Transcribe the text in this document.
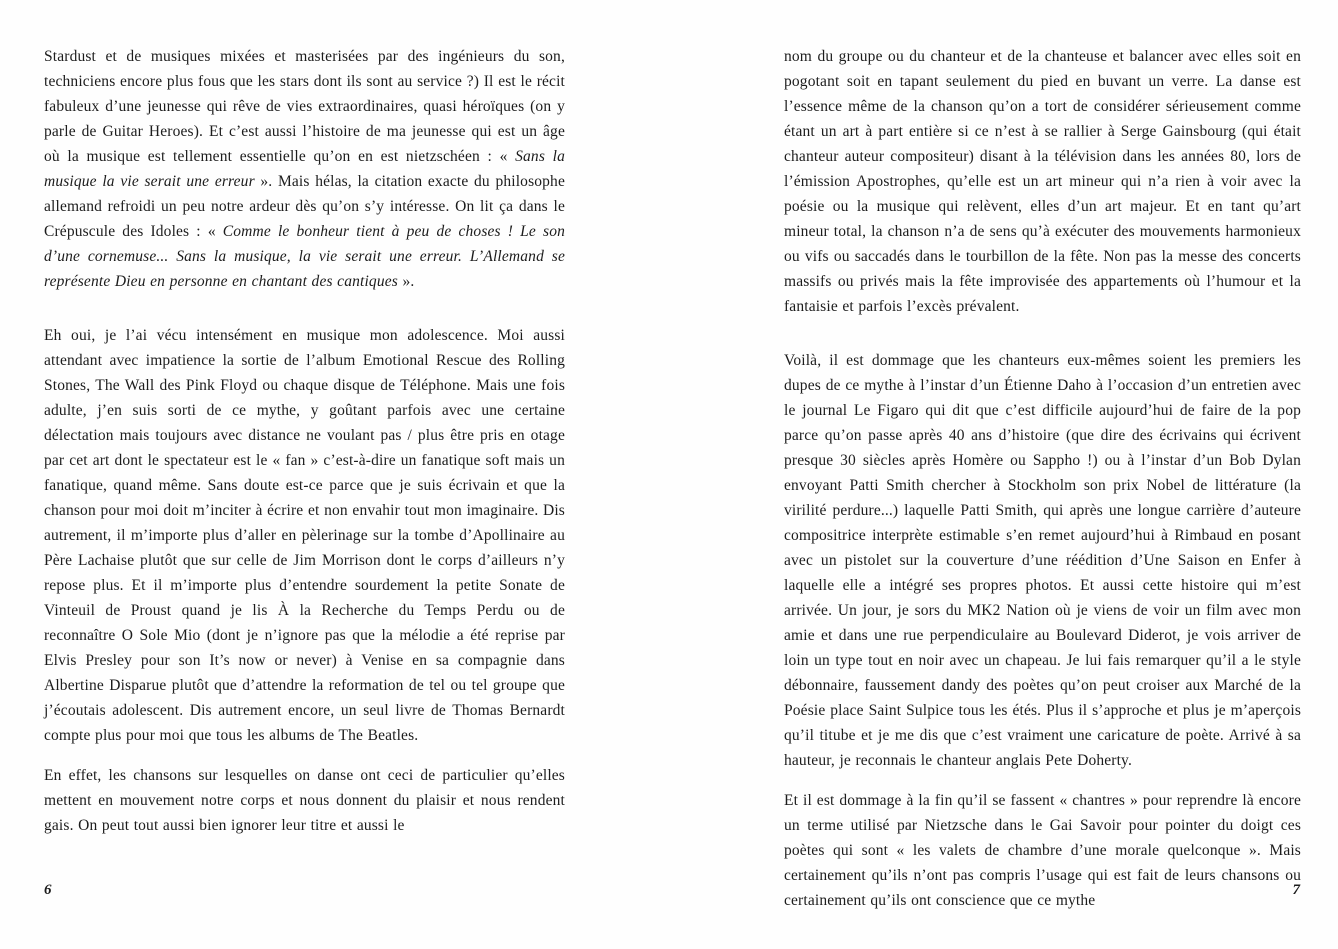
Stardust et de musiques mixées et masterisées par des ingénieurs du son, techniciens encore plus fous que les stars dont ils sont au service ?) Il est le récit fabuleux d’une jeunesse qui rêve de vies extraordinaires, quasi héroïques (on y parle de Guitar Heroes). Et c’est aussi l’histoire de ma jeunesse qui est un âge où la musique est tellement essentielle qu’on en est nietzschéen : « Sans la musique la vie serait une erreur ». Mais hélas, la citation exacte du philosophe allemand refroidi un peu notre ardeur dès qu’on s’y intéresse. On lit ça dans le Crépuscule des Idoles : « Comme le bonheur tient à peu de choses ! Le son d’une cornemuse... Sans la musique, la vie serait une erreur. L’Allemand se représente Dieu en personne en chantant des cantiques ».

Eh oui, je l’ai vécu intensément en musique mon adolescence. Moi aussi attendant avec impatience la sortie de l’album Emotional Rescue des Rolling Stones, The Wall des Pink Floyd ou chaque disque de Téléphone. Mais une fois adulte, j’en suis sorti de ce mythe, y goûtant parfois avec une certaine délectation mais toujours avec distance ne voulant pas / plus être pris en otage par cet art dont le spectateur est le « fan » c’est-à-dire un fanatique soft mais un fanatique, quand même. Sans doute est-ce parce que je suis écrivain et que la chanson pour moi doit m’inciter à écrire et non envahir tout mon imaginaire. Dis autrement, il m’importe plus d’aller en pèlerinage sur la tombe d’Apollinaire au Père Lachaise plutôt que sur celle de Jim Morrison dont le corps d’ailleurs n’y repose plus. Et il m’importe plus d’entendre sourdement la petite Sonate de Vinteuil de Proust quand je lis À la Recherche du Temps Perdu ou de reconnaître O Sole Mio (dont je n’ignore pas que la mélodie a été reprise par Elvis Presley pour son It’s now or never) à Venise en sa compagnie dans Albertine Disparue plutôt que d’attendre la reformation de tel ou tel groupe que j’écoutais adolescent. Dis autrement encore, un seul livre de Thomas Bernardt compte plus pour moi que tous les albums de The Beatles.

En effet, les chansons sur lesquelles on danse ont ceci de particulier qu’elles mettent en mouvement notre corps et nous donnent du plaisir et nous rendent gais. On peut tout aussi bien ignorer leur titre et aussi le

6

nom du groupe ou du chanteur et de la chanteuse et balancer avec elles soit en pogotant soit en tapant seulement du pied en buvant un verre. La danse est l’essence même de la chanson qu’on a tort de considérer sérieusement comme étant un art à part entière si ce n’est à se rallier à Serge Gainsbourg (qui était chanteur auteur compositeur) disant à la télévision dans les années 80, lors de l’émission Apostrophes, qu’elle est un art mineur qui n’a rien à voir avec la poésie ou la musique qui relèvent, elles d’un art majeur. Et en tant qu’art mineur total, la chanson n’a de sens qu’à exécuter des mouvements harmonieux ou vifs ou saccadés dans le tourbillon de la fête. Non pas la messe des concerts massifs ou privés mais la fête improvisée des appartements où l’humour et la fantaisie et parfois l’excès prévalent.

Voilà, il est dommage que les chanteurs eux-mêmes soient les premiers les dupes de ce mythe à l’instar d’un Étienne Daho à l’occasion d’un entretien avec le journal Le Figaro qui dit que c’est difficile aujourd’hui de faire de la pop parce qu’on passe après 40 ans d’histoire (que dire des écrivains qui écrivent presque 30 siècles après Homère ou Sappho !) ou à l’instar d’un Bob Dylan envoyant Patti Smith chercher à Stockholm son prix Nobel de littérature (la virilité perdure...) laquelle Patti Smith, qui après une longue carrière d’auteure compositrice interprète estimable s’en remet aujourd’hui à Rimbaud en posant avec un pistolet sur la couverture d’une réédition d’Une Saison en Enfer à laquelle elle a intégré ses propres photos. Et aussi cette histoire qui m’est arrivée. Un jour, je sors du MK2 Nation où je viens de voir un film avec mon amie et dans une rue perpendiculaire au Boulevard Diderot, je vois arriver de loin un type tout en noir avec un chapeau. Je lui fais remarquer qu’il a le style débonnaire, faussement dandy des poètes qu’on peut croiser aux Marché de la Poésie place Saint Sulpice tous les étés. Plus il s’approche et plus je m’aperçois qu’il titube et je me dis que c’est vraiment une caricature de poète. Arrivé à sa hauteur, je reconnais le chanteur anglais Pete Doherty.

Et il est dommage à la fin qu’il se fassent « chantres » pour reprendre là encore un terme utilisé par Nietzsche dans le Gai Savoir pour pointer du doigt ces poètes qui sont « les valets de chambre d’une morale quelconque ». Mais certainement qu’ils n’ont pas compris l’usage qui est fait de leurs chansons ou certainement qu’ils ont conscience que ce mythe

7
